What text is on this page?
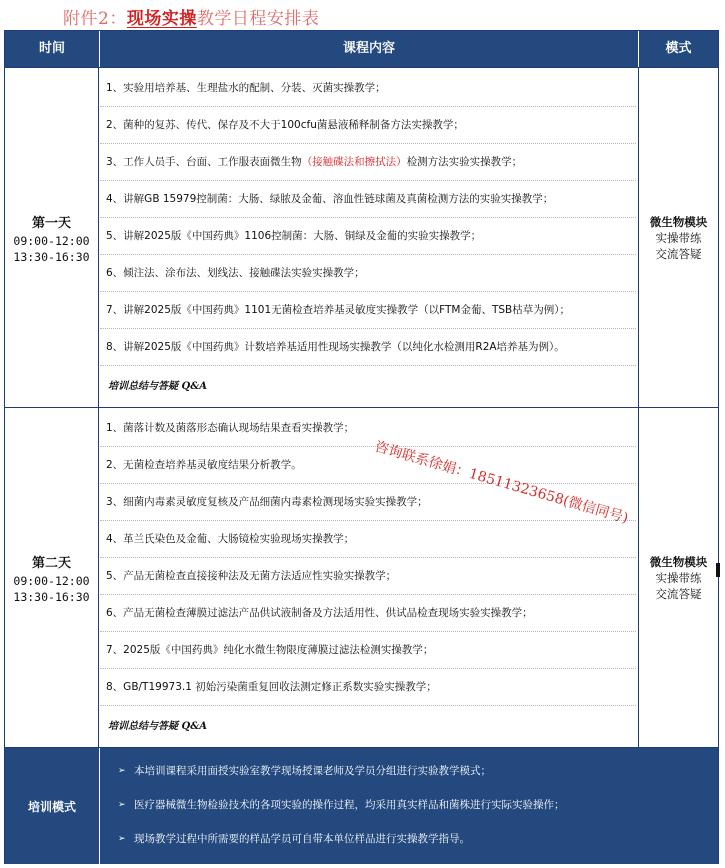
附件2：现场实操教学日程安排表
时间	课程内容	模式
第一天
09:00-12:00
13:30-16:30
1、实验用培养基、生理盐水的配制、分装、灭菌实操教学；
2、菌种的复苏、传代、保存及不大于100cfu菌悬液稀释制备方法实操教学；
3、工作人员手、台面、工作服表面微生物（接触碟法和擦拭法）检测方法实验实操教学；
4、讲解GB 15979控制菌：大肠、绿脓及金葡、溶血性链球菌及真菌检测方法的实验实操教学；
5、讲解2025版《中国药典》1106控制菌：大肠、铜绿及金葡的实验实操教学；
6、倾注法、涂布法、划线法、接触碟法实验实操教学；
7、讲解2025版《中国药典》1101无菌检查培养基灵敏度实操教学（以FTM金葡、TSB枯草为例）；
8、讲解2025版《中国药典》计数培养基适用性现场实操教学（以纯化水检测用R2A培养基为例）。
培训总结与答疑 Q&A
微生物模块
实操带练
交流答疑
第二天
09:00-12:00
13:30-16:30
1、菌落计数及菌落形态确认现场结果查看实操教学；
2、无菌检查培养基灵敏度结果分析教学。
3、细菌内毒素灵敏度复核及产品细菌内毒素检测现场实验实操教学；
4、革兰氏染色及金葡、大肠镜检实验现场实操教学；
5、产品无菌检查直接接种法及无菌方法适应性实验实操教学；
6、产品无菌检查薄膜过滤法产品供试液制备及方法适用性、供试品检查现场实验实操教学；
7、2025版《中国药典》纯化水微生物限度薄膜过滤法检测实操教学；
8、GB/T19973.1 初始污染菌重复回收法测定修正系数实验实操教学；
培训总结与答疑 Q&A
微生物模块
实操带练
交流答疑
培训模式
➢ 本培训课程采用面授实验室教学现场授课老师及学员分组进行实验教学模式；
➢ 医疗器械微生物检验技术的各项实验的操作过程，均采用真实样品和菌株进行实际实验操作；
➢ 现场教学过程中所需要的样品学员可自带本单位样品进行实操教学指导。
咨询联系徐娟：18511323658(微信同号)
